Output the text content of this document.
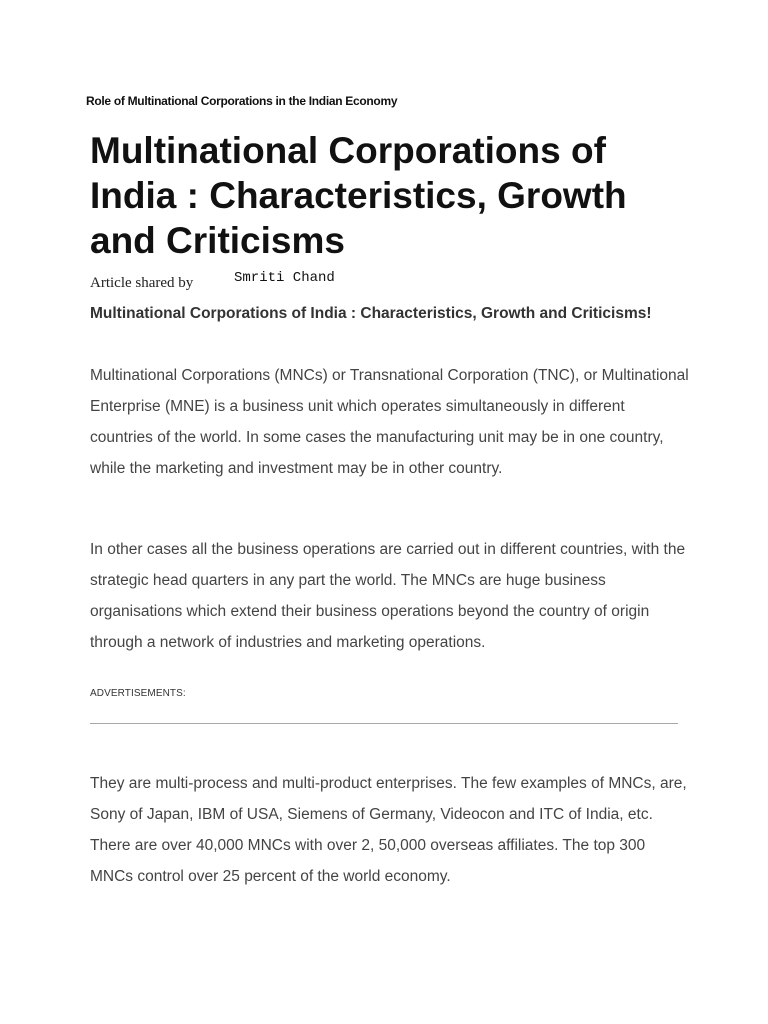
Role of Multinational Corporations in the Indian Economy
Multinational Corporations of India : Characteristics, Growth and Criticisms
Article shared by	Smriti Chand

Multinational Corporations of India : Characteristics, Growth and Criticisms!

Multinational Corporations (MNCs) or Transnational Corporation (TNC), or Multinational Enterprise (MNE) is a business unit which operates simultaneously in different countries of the world. In some cases the manufacturing unit may be in one country, while the marketing and investment may be in other country.

In other cases all the business operations are carried out in different countries, with the strategic head quarters in any part the world. The MNCs are huge business organisations which extend their business operations beyond the country of origin through a network of industries and marketing operations.

ADVERTISEMENTS:

They are multi-process and multi-product enterprises. The few examples of MNCs, are, Sony of Japan, IBM of USA, Siemens of Germany, Videocon and ITC of India, etc. There are over 40,000 MNCs with over 2, 50,000 overseas affiliates. The top 300 MNCs control over 25 percent of the world economy.
